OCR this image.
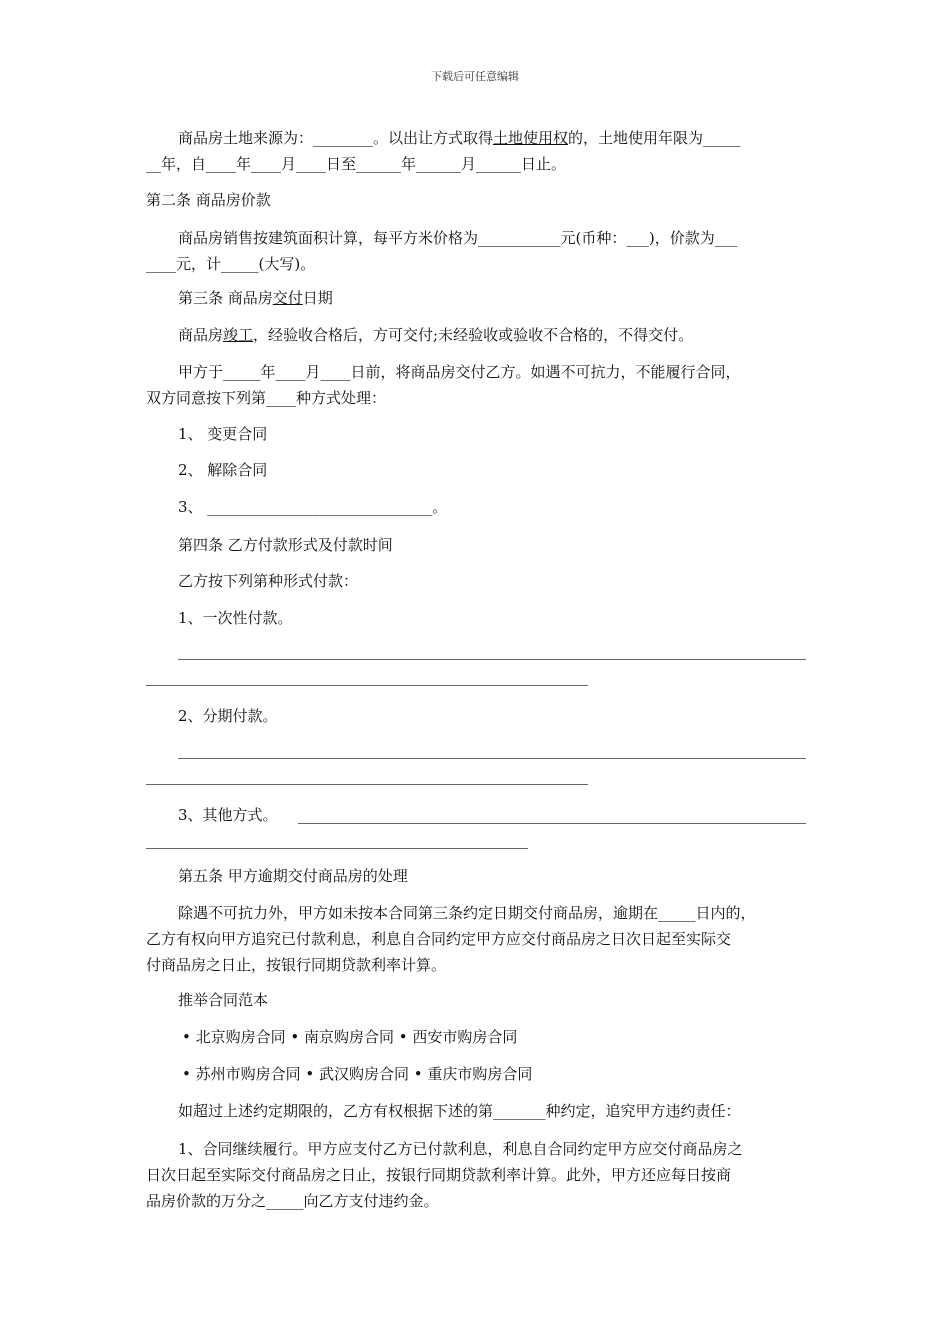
下载后可任意编辑
商品房土地来源为：________。以出让方式取得土地使用权的，土地使用年限为_____
__年，自____年____月____日至______年______月______日止。
第二条 商品房价款
商品房销售按建筑面积计算，每平方米价格为___________元(币种：___)，价款为___
____元，计_____(大写)。
第三条 商品房交付日期
商品房竣工，经验收合格后，方可交付;未经验收或验收不合格的，不得交付。
甲方于_____年____月____日前，将商品房交付乙方。如遇不可抗力，不能履行合同，
双方同意按下列第____种方式处理：
1、 变更合同
2、 解除合同
3、 ______________________________。
第四条 乙方付款形式及付款时间
乙方按下列第种形式付款：
1、一次性付款。
2、分期付款。
3、其他方式。
第五条 甲方逾期交付商品房的处理
除遇不可抗力外，甲方如未按本合同第三条约定日期交付商品房，逾期在_____日内的，
乙方有权向甲方追究已付款利息，利息自合同约定甲方应交付商品房之日次日起至实际交
付商品房之日止，按银行同期贷款利率计算。
推举合同范本
• 北京购房合同 • 南京购房合同 • 西安市购房合同
• 苏州市购房合同 • 武汉购房合同 • 重庆市购房合同
如超过上述约定期限的，乙方有权根据下述的第_______种约定，追究甲方违约责任：
1、合同继续履行。甲方应支付乙方已付款利息，利息自合同约定甲方应交付商品房之
日次日起至实际交付商品房之日止，按银行同期贷款利率计算。此外，甲方还应每日按商
品房价款的万分之_____向乙方支付违约金。
